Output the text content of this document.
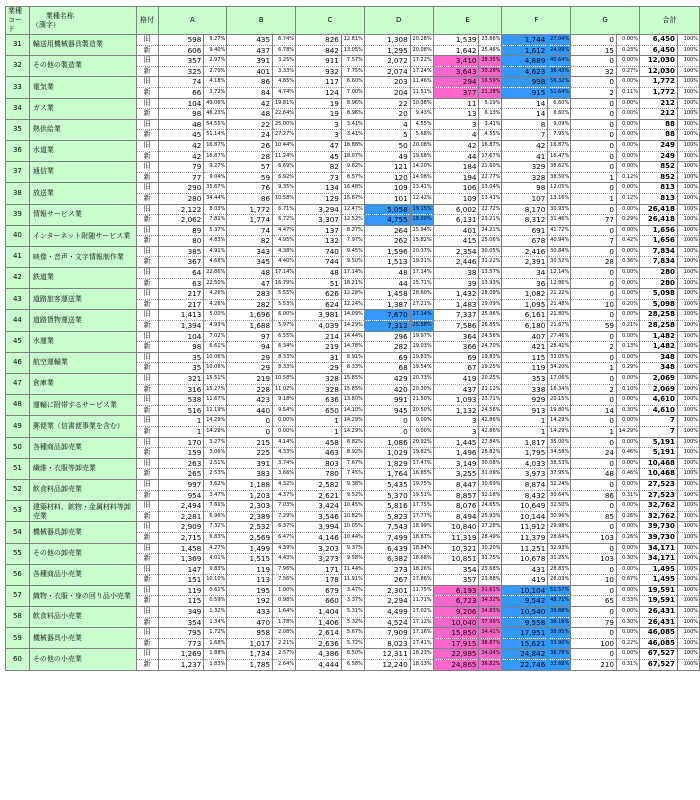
業種
コード	業種名称
（漢字）	格付	A		B		C		D		E		F		G		合計	
31	輸送用機械器具製造業	旧	598	9.27%	435	6.74%	826	12.81%	1,308	20.28%	1,539	23.86%	1,744	27.04%	0	0.00%	6,450	100%
		新	606	9.40%	437	6.78%	842	13.05%	1,295	20.08%	1,642	25.46%	1,612	24.99%	15	0.23%	6,450	100%
32	その他の製造業	旧	357	2.97%	391	3.25%	911	7.57%	2,072	17.22%	3,410	28.35%	4,889	40.64%	0	0.00%	12,030	100%
		新	325	2.70%	401	3.33%	932	7.75%	2,074	17.24%	3,643	30.28%	4,623	38.43%	32	0.27%	12,030	100%
33	電気業	旧	74	4.18%	86	4.85%	117	6.60%	203	11.46%	294	16.59%	998	56.32%	0	0.00%	1,772	100%
		新	66	3.72%	84	4.74%	124	7.00%	204	11.51%	377	21.28%	915	51.64%	2	0.11%	1,772	100%
34	ガス業	旧	104	49.06%	42	19.81%	19	8.96%	22	10.38%	11	5.19%	14	6.60%	0	0.00%	212	100%
		新	98	46.23%	48	22.64%	19	8.96%	20	9.43%	13	6.13%	14	6.60%	0	0.00%	212	100%
35	熱供給業	旧	48	54.55%	22	25.00%	3	3.41%	4	4.55%	3	3.41%	8	9.09%	0	0.00%	88	100%
		新	45	51.14%	24	27.27%	3	3.41%	5	5.68%	4	4.55%	7	7.95%	0	0.00%	88	100%
36	水道業	旧	42	16.87%	26	10.44%	47	18.88%	50	20.08%	42	16.87%	42	16.87%	0	0.00%	249	100%
		新	42	16.87%	28	11.24%	45	18.07%	49	19.68%	44	17.67%	41	16.47%	0	0.00%	249	100%
37	通信業	旧	79	9.27%	57	6.69%	82	9.62%	121	14.20%	184	21.60%	329	38.62%	0	0.00%	852	100%
		新	77	9.04%	59	6.92%	73	8.57%	120	14.08%	194	22.77%	328	38.50%	1	0.12%	852	100%
38	放送業	旧	290	35.67%	76	9.35%	134	16.48%	109	13.41%	106	13.04%	98	12.05%	0	0.00%	813	100%
		新	280	34.44%	86	10.58%	129	15.87%	101	12.42%	109	13.41%	107	13.16%	1	0.12%	813	100%
39	情報サービス業	旧	2,122	8.03%	1,772	6.71%	3,294	12.47%	5,058	19.15%	6,002	22.72%	8,170	30.93%	0	0.00%	26,418	100%
		新	2,062	7.81%	1,774	6.72%	3,307	12.52%	4,755	18.00%	6,131	23.21%	8,312	31.46%	77	0.29%	26,418	100%
40	インターネット附随サービス業	旧	89	5.37%	74	4.47%	137	8.27%	264	15.94%	401	24.21%	691	41.72%	0	0.00%	1,656	100%
		新	80	4.83%	82	4.95%	132	7.97%	262	15.82%	415	25.06%	678	40.94%	7	0.42%	1,656	100%
41	映像・音声・文字情報制作業	旧	385	4.91%	343	4.38%	740	9.45%	1,596	20.37%	2,354	30.05%	2,416	30.84%	0	0.00%	7,834	100%
		新	367	4.68%	345	4.40%	744	9.50%	1,513	19.31%	2,446	31.22%	2,391	30.52%	28	0.36%	7,834	100%
42	鉄道業	旧	64	22.86%	48	17.14%	48	17.14%	48	17.14%	38	13.57%	34	12.14%	0	0.00%	280	100%
		新	63	22.50%	47	16.79%	51	18.21%	44	15.71%	39	13.93%	36	12.86%	0	0.00%	280	100%
43	道路旅客運送業	旧	217	4.26%	283	5.55%	626	12.28%	1,458	28.60%	1,432	28.09%	1,082	21.22%	0	0.00%	5,098	100%
		新	217	4.26%	282	5.53%	624	12.24%	1,387	27.21%	1,483	29.09%	1,095	21.48%	10	0.20%	5,098	100%
44	道路貨物運送業	旧	1,413	5.00%	1,696	6.00%	3,981	14.09%	7,670	27.14%	7,337	25.96%	6,161	21.80%	0	0.00%	28,258	100%
		新	1,394	4.93%	1,688	5.97%	4,039	14.29%	7,312	25.88%	7,586	26.85%	6,180	21.87%	59	0.21%	28,258	100%
45	水運業	旧	104	7.02%	97	6.55%	214	14.44%	296	19.97%	364	24.56%	407	27.46%	0	0.00%	1,482	100%
		新	98	6.61%	94	6.34%	219	14.78%	282	19.03%	366	24.70%	421	28.41%	2	0.13%	1,482	100%
46	航空運輸業	旧	35	10.06%	29	8.33%	31	8.91%	69	19.83%	69	19.83%	115	33.05%	0	0.00%	348	100%
		新	35	10.06%	29	8.33%	29	8.33%	68	19.54%	67	19.25%	119	34.20%	1	0.29%	348	100%
47	倉庫業	旧	321	15.51%	219	10.58%	328	15.85%	429	20.73%	419	20.25%	353	17.06%	0	0.00%	2,069	100%
		新	316	15.27%	228	11.02%	328	15.85%	420	20.30%	437	21.12%	338	16.34%	2	0.10%	2,069	100%
48	運輸に附帯するサービス業	旧	538	11.67%	423	9.18%	636	13.80%	991	21.50%	1,093	23.71%	929	20.15%	0	0.00%	4,610	100%
		新	516	11.19%	440	9.54%	650	14.10%	945	20.50%	1,132	24.56%	913	19.80%	14	0.30%	4,610	100%
49	郵便業（信書便事業を含む）	旧	1	14.29%	0	0.00%	1	14.29%	0	0.00%	3	42.86%	1	14.29%	0	0.00%	7	100%
		新	1	14.29%	0	0.00%	1	14.29%	0	0.00%	3	42.86%	1	14.29%	1	14.29%	7	100%
50	各種商品卸売業	旧	170	3.27%	215	4.14%	458	8.82%	1,086	20.92%	1,445	27.84%	1,817	35.00%	0	0.00%	5,191	100%
		新	159	3.06%	225	4.33%	463	8.92%	1,029	19.82%	1,496	28.82%	1,795	34.58%	24	0.46%	5,191	100%
51	繊維・衣服等卸売業	旧	263	2.51%	391	3.74%	803	7.67%	1,829	17.47%	3,149	30.08%	4,033	38.53%	0	0.00%	10,468	100%
		新	265	2.53%	383	3.66%	780	7.45%	1,764	16.85%	3,255	31.09%	3,973	37.95%	48	0.46%	10,468	100%
52	飲食料品卸売業	旧	997	3.62%	1,188	4.32%	2,582	9.38%	5,435	19.75%	8,447	30.69%	8,874	32.24%	0	0.00%	27,523	100%
		新	954	3.47%	1,203	4.37%	2,621	9.52%	5,370	19.51%	8,857	32.18%	8,432	30.64%	86	0.31%	27,523	100%
53	建築材料、鉱物・金属材料等卸売業	旧	2,494	7.61%	2,303	7.03%	3,424	10.45%	5,816	17.75%	8,076	24.65%	10,649	32.50%	0	0.00%	32,762	100%
		新	2,281	6.96%	2,389	7.29%	3,546	10.82%	5,823	17.77%	8,494	25.93%	10,144	30.96%	85	0.26%	32,762	100%
54	機械器具卸売業	旧	2,909	7.32%	2,532	6.37%	3,994	10.05%	7,543	18.99%	10,840	27.28%	11,912	29.98%	0	0.00%	39,730	100%
		新	2,715	6.83%	2,569	6.47%	4,146	10.44%	7,499	18.87%	11,319	28.49%	11,379	28.64%	103	0.26%	39,730	100%
55	その他の卸売業	旧	1,458	4.27%	1,499	4.39%	3,203	9.37%	6,439	18.84%	10,321	30.20%	11,251	32.93%	0	0.00%	34,171	100%
		新	1,369	4.01%	1,515	4.43%	3,273	9.58%	6,382	18.68%	10,851	31.75%	10,678	31.25%	103	0.30%	34,171	100%
56	各種商品小売業	旧	147	9.83%	119	7.96%	171	11.44%	273	18.26%	354	23.68%	431	28.83%	0	0.00%	1,495	100%
		新	151	10.10%	113	7.56%	178	11.91%	267	17.86%	357	23.88%	419	28.03%	10	0.67%	1,495	100%
57	織物・衣服・身の回り品小売業	旧	119	0.61%	195	1.00%	679	3.47%	2,301	11.75%	6,193	31.61%	10,104	51.57%	0	0.00%	19,591	100%
		新	115	0.59%	192	0.98%	660	3.37%	2,294	11.71%	6,723	34.32%	9,542	48.71%	65	0.33%	19,591	100%
58	飲食料品小売業	旧	349	1.32%	433	1.64%	1,404	5.31%	4,499	17.02%	9,206	34.83%	10,540	39.88%	0	0.00%	26,431	100%
		新	354	1.34%	470	1.78%	1,406	5.32%	4,524	17.12%	10,040	37.99%	9,558	36.16%	79	0.30%	26,431	100%
59	機械器具小売業	旧	795	1.72%	958	2.08%	2,614	5.67%	7,909	17.16%	15,850	34.41%	17,951	38.95%	0	0.00%	46,085	100%
		新	773	1.68%	1,017	2.21%	2,636	5.72%	8,023	17.41%	17,915	38.87%	15,621	33.90%	100	0.22%	46,085	100%
60	その他の小売業	旧	1,269	1.88%	1,734	2.57%	4,386	6.50%	12,311	18.23%	22,985	34.04%	24,842	36.78%	0	0.00%	67,527	100%
		新	1,237	1.83%	1,785	2.64%	4,444	6.58%	12,240	18.13%	24,865	36.82%	22,746	33.68%	210	0.31%	67,527	100%
